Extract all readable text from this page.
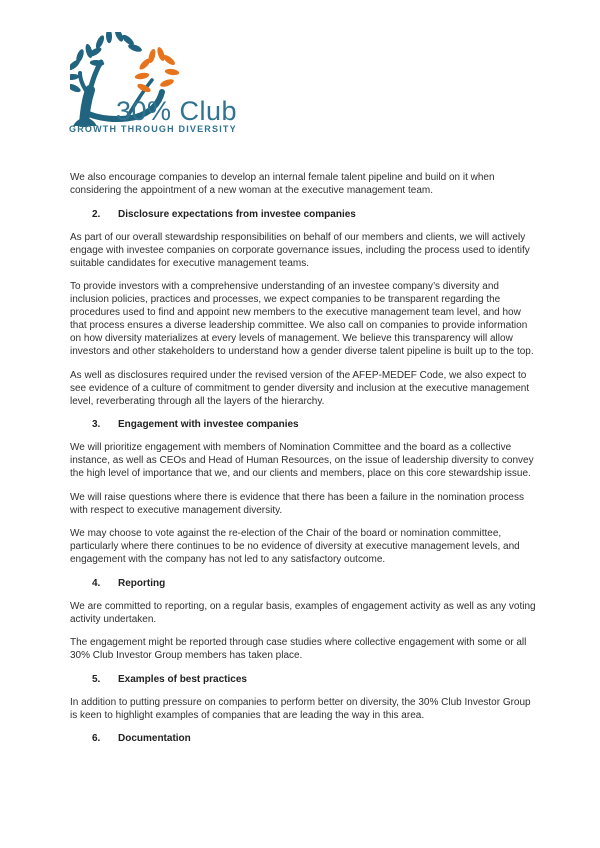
30% Club
GROWTH THROUGH DIVERSITY

We also encourage companies to develop an internal female talent pipeline and build on it when considering the appointment of a new woman at the executive management team.

2. Disclosure expectations from investee companies

As part of our overall stewardship responsibilities on behalf of our members and clients, we will actively engage with investee companies on corporate governance issues, including the process used to identify suitable candidates for executive management teams.

To provide investors with a comprehensive understanding of an investee company’s diversity and inclusion policies, practices and processes, we expect companies to be transparent regarding the procedures used to find and appoint new members to the executive management team level, and how that process ensures a diverse leadership committee. We also call on companies to provide information on how diversity materializes at every levels of management. We believe this transparency will allow investors and other stakeholders to understand how a gender diverse talent pipeline is built up to the top.

As well as disclosures required under the revised version of the AFEP-MEDEF Code, we also expect to see evidence of a culture of commitment to gender diversity and inclusion at the executive management level, reverberating through all the layers of the hierarchy.

3. Engagement with investee companies

We will prioritize engagement with members of Nomination Committee and the board as a collective instance, as well as CEOs and Head of Human Resources, on the issue of leadership diversity to convey the high level of importance that we, and our clients and members, place on this core stewardship issue.

We will raise questions where there is evidence that there has been a failure in the nomination process with respect to executive management diversity.

We may choose to vote against the re-election of the Chair of the board or nomination committee, particularly where there continues to be no evidence of diversity at executive management levels, and engagement with the company has not led to any satisfactory outcome.

4. Reporting

We are committed to reporting, on a regular basis, examples of engagement activity as well as any voting activity undertaken.

The engagement might be reported through case studies where collective engagement with some or all 30% Club Investor Group members has taken place.

5. Examples of best practices

In addition to putting pressure on companies to perform better on diversity, the 30% Club Investor Group is keen to highlight examples of companies that are leading the way in this area.

6. Documentation
